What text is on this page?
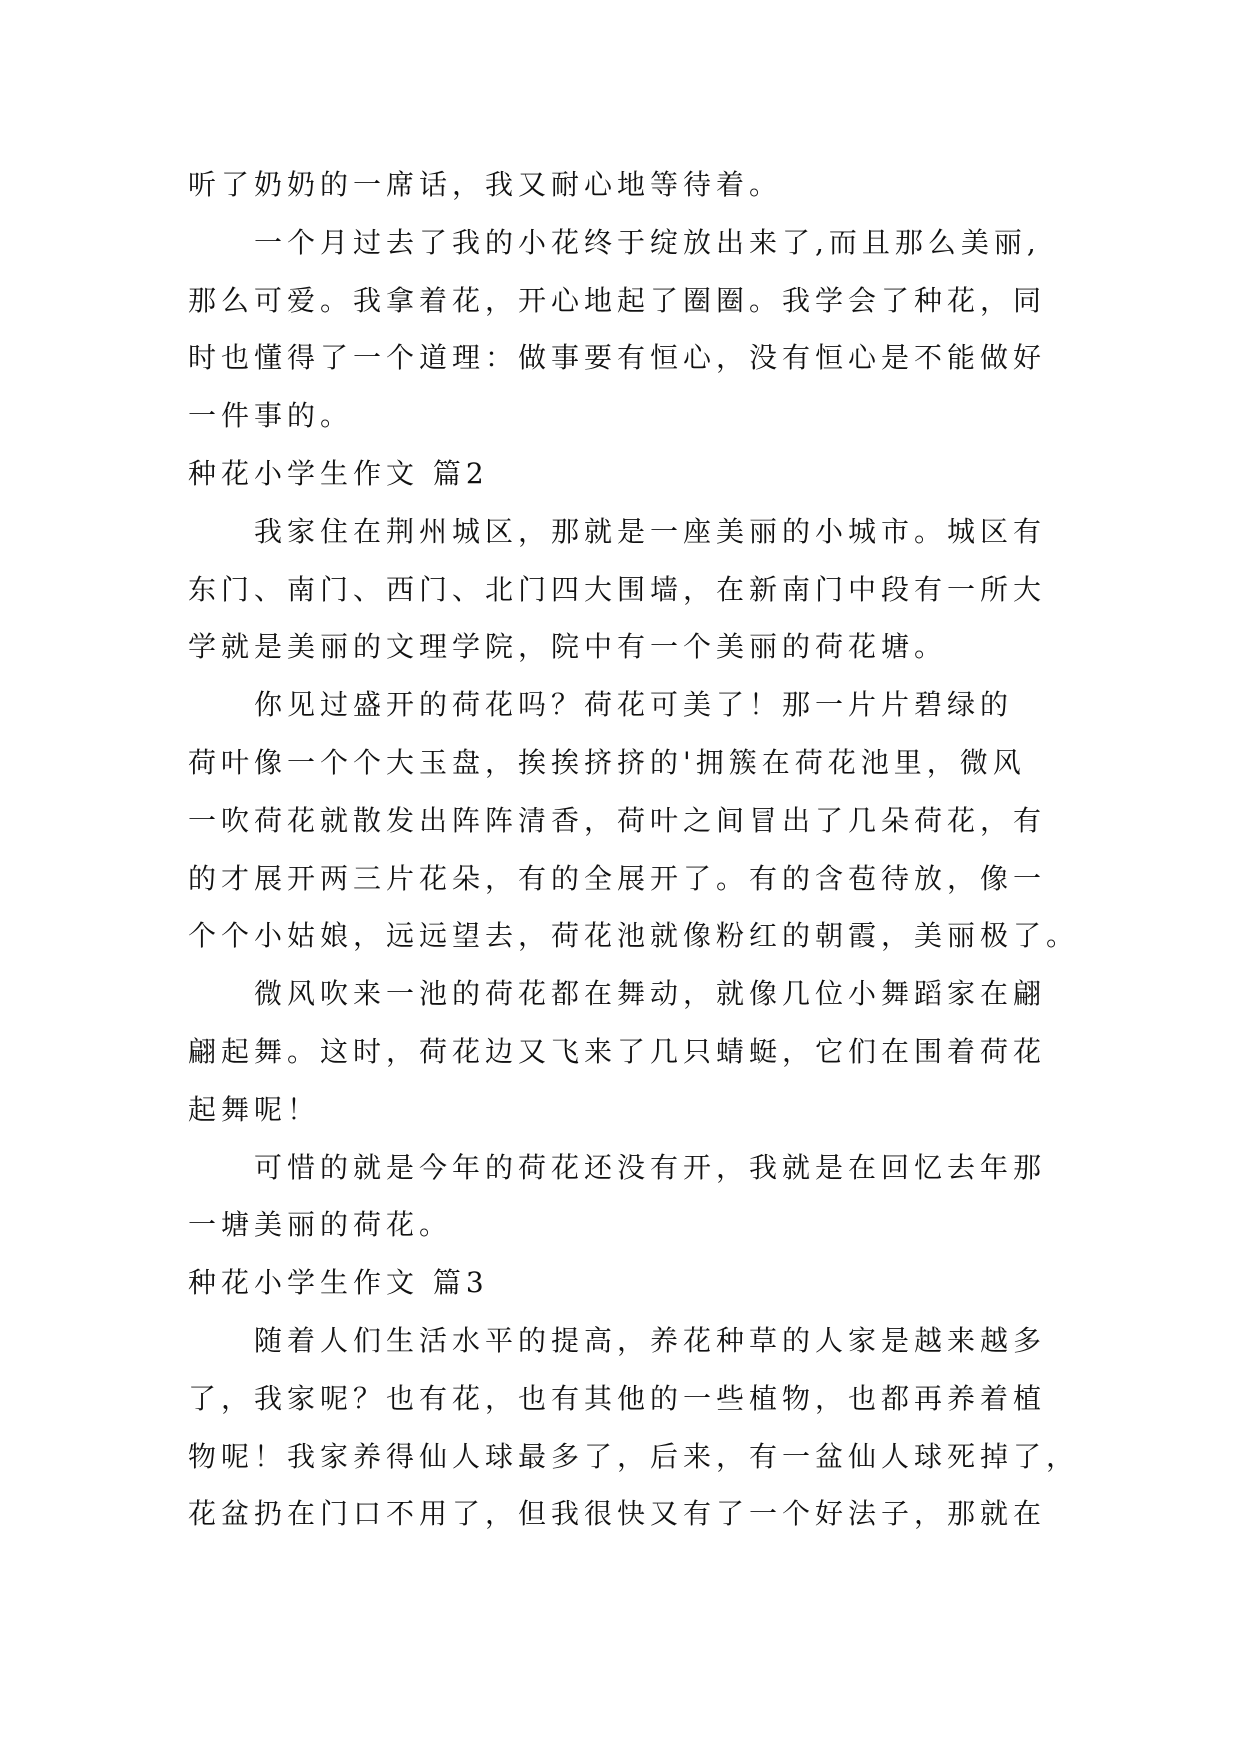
听了奶奶的一席话，我又耐心地等待着。
一个月过去了我的小花终于绽放出来了,而且那么美丽,
那么可爱。我拿着花，开心地起了圈圈。我学会了种花，同
时也懂得了一个道理：做事要有恒心，没有恒心是不能做好
一件事的。
种花小学生作文 篇2
我家住在荆州城区，那就是一座美丽的小城市。城区有
东门、南门、西门、北门四大围墙，在新南门中段有一所大
学就是美丽的文理学院，院中有一个美丽的荷花塘。
你见过盛开的荷花吗？荷花可美了！那一片片碧绿的
荷叶像一个个大玉盘，挨挨挤挤的'拥簇在荷花池里，微风
一吹荷花就散发出阵阵清香，荷叶之间冒出了几朵荷花，有
的才展开两三片花朵，有的全展开了。有的含苞待放，像一
个个小姑娘，远远望去，荷花池就像粉红的朝霞，美丽极了。
微风吹来一池的荷花都在舞动，就像几位小舞蹈家在翩
翩起舞。这时，荷花边又飞来了几只蜻蜓，它们在围着荷花
起舞呢！
可惜的就是今年的荷花还没有开，我就是在回忆去年那
一塘美丽的荷花。
种花小学生作文 篇3
随着人们生活水平的提高，养花种草的人家是越来越多
了，我家呢？也有花，也有其他的一些植物，也都再养着植
物呢！我家养得仙人球最多了，后来，有一盆仙人球死掉了，
花盆扔在门口不用了，但我很快又有了一个好法子，那就在
